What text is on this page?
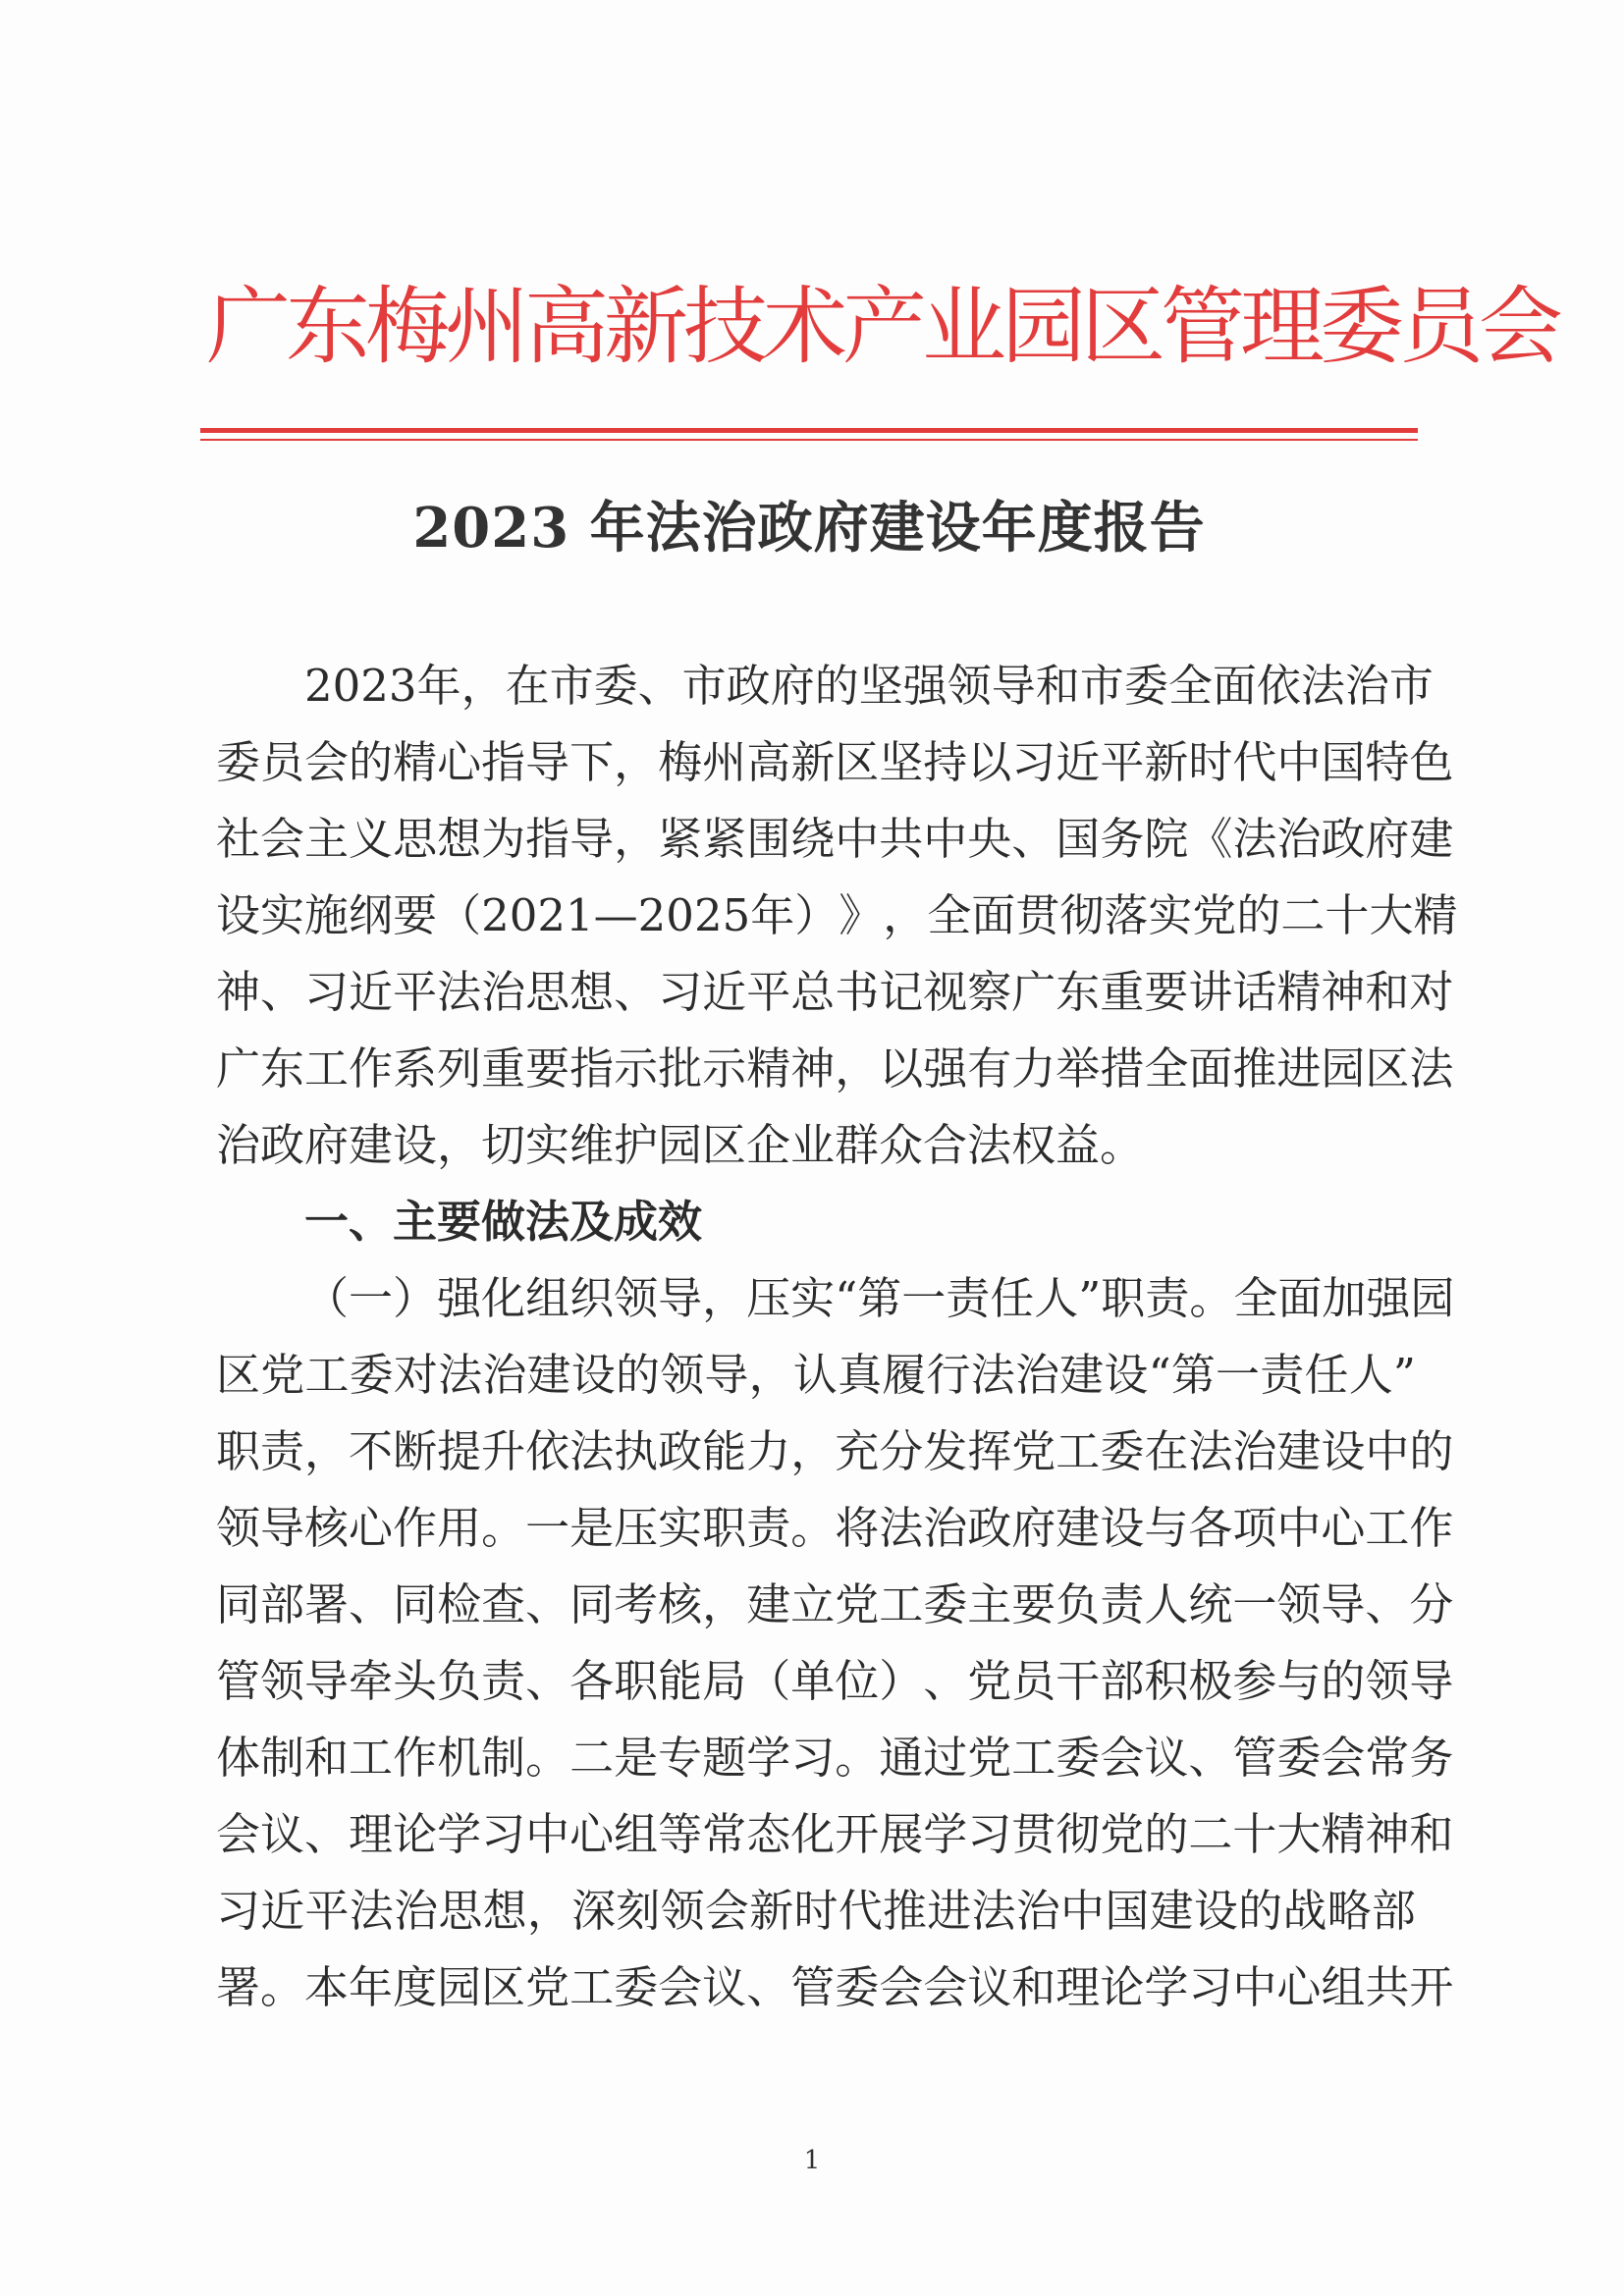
广东梅州高新技术产业园区管理委员会
2023 年法治政府建设年度报告
2 0 2 3 年 ， 在 市 委 、 市 政 府 的 坚 强 领 导 和 市 委 全 面 依 法 治 市
委 员 会 的 精 心 指 导 下 ， 梅 州 高 新 区 坚 持 以 习 近 平 新 时 代 中 国 特 色
社 会 主 义 思 想 为 指 导 ， 紧 紧 围 绕 中 共 中 央 、 国 务 院 《 法 治 政 府 建
设 实 施 纲 要 （ 2 0 2 1 — 2 0 2 5 年 ） 》 ， 全 面 贯 彻 落 实 党 的 二 十 大 精
神 、 习 近 平 法 治 思 想 、 习 近 平 总 书 记 视 察 广 东 重 要 讲 话 精 神 和 对
广 东 工 作 系 列 重 要 指 示 批 示 精 神 ， 以 强 有 力 举 措 全 面 推 进 园 区 法
治政府建设，切实维护园区企业群众合法权益。
一、主要做法及成效
（ 一 ） 强 化 组 织 领 导 ， 压 实 “ 第 一 责 任 人 ” 职 责 。 全 面 加 强 园
区 党 工 委 对 法 治 建 设 的 领 导 ， 认 真 履 行 法 治 建 设 “ 第 一 责 任 人 ”
职 责 ， 不 断 提 升 依 法 执 政 能 力 ， 充 分 发 挥 党 工 委 在 法 治 建 设 中 的
领 导 核 心 作 用 。 一 是 压 实 职 责 。 将 法 治 政 府 建 设 与 各 项 中 心 工 作
同 部 署 、 同 检 查 、 同 考 核 ， 建 立 党 工 委 主 要 负 责 人 统 一 领 导 、 分
管 领 导 牵 头 负 责 、 各 职 能 局 （ 单 位 ） 、 党 员 干 部 积 极 参 与 的 领 导
体 制 和 工 作 机 制 。 二 是 专 题 学 习 。 通 过 党 工 委 会 议 、 管 委 会 常 务
会 议 、 理 论 学 习 中 心 组 等 常 态 化 开 展 学 习 贯 彻 党 的 二 十 大 精 神 和
习 近 平 法 治 思 想 ， 深 刻 领 会 新 时 代 推 进 法 治 中 国 建 设 的 战 略 部
署 。 本 年 度 园 区 党 工 委 会 议 、 管 委 会 会 议 和 理 论 学 习 中 心 组 共 开
1
